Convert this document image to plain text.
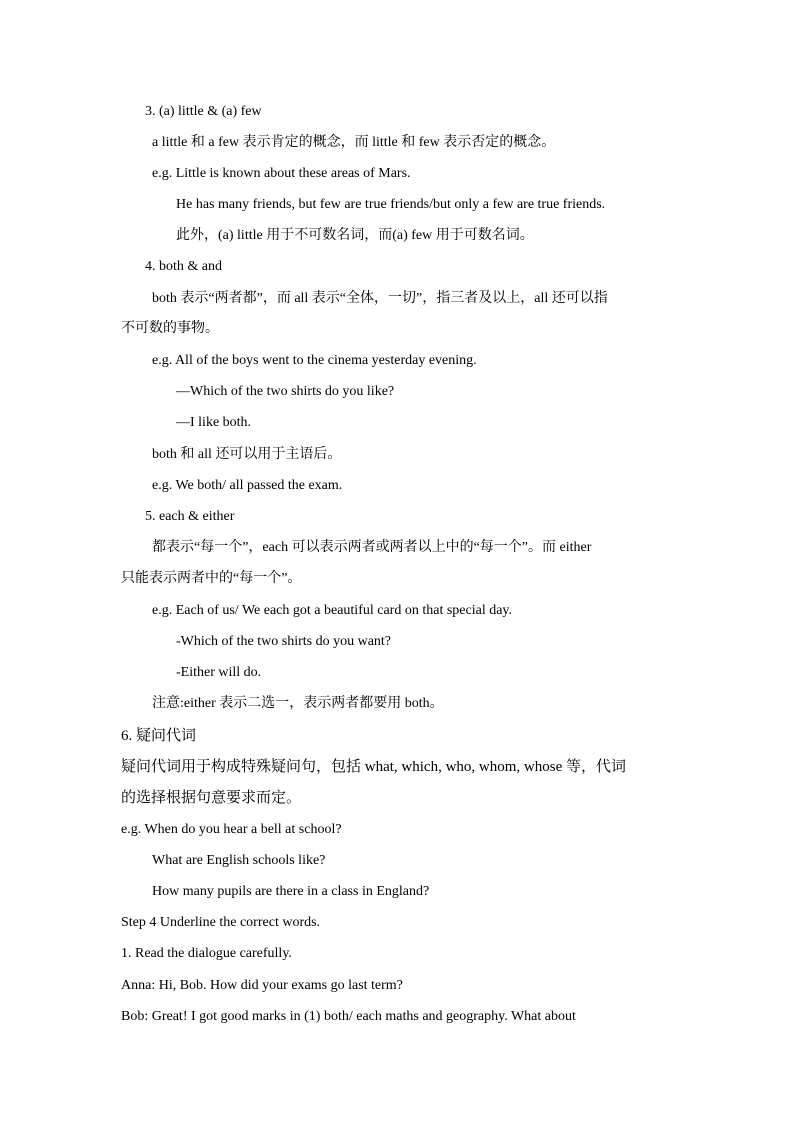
3. (a) little & (a) few
a little 和 a few 表示肯定的概念，而 little 和 few 表示否定的概念。
e.g. Little is known about these areas of Mars.
He has many friends, but few are true friends/but only a few are true friends.
此外，(a) little 用于不可数名词，而(a) few 用于可数名词。
4. both & and
both 表示“两者都”，而 all 表示“全体，一切”，指三者及以上，all 还可以指
不可数的事物。
e.g. All of the boys went to the cinema yesterday evening.
—Which of the two shirts do you like?
—I like both.
both 和 all 还可以用于主语后。
e.g. We both/ all passed the exam.
5. each & either
都表示“每一个”，each 可以表示两者或两者以上中的“每一个”。而 either
只能表示两者中的“每一个”。
e.g. Each of us/ We each got a beautiful card on that special day.
-Which of the two shirts do you want?
-Either will do.
注意:either 表示二选一，表示两者都要用 both。
6. 疑问代词
疑问代词用于构成特殊疑问句，包括 what, which, who, whom, whose 等，代词
的选择根据句意要求而定。
e.g. When do you hear a bell at school?
What are English schools like?
How many pupils are there in a class in England?
Step 4 Underline the correct words.
1. Read the dialogue carefully.
Anna: Hi, Bob. How did your exams go last term?
Bob: Great! I got good marks in (1) both/ each maths and geography. What about
